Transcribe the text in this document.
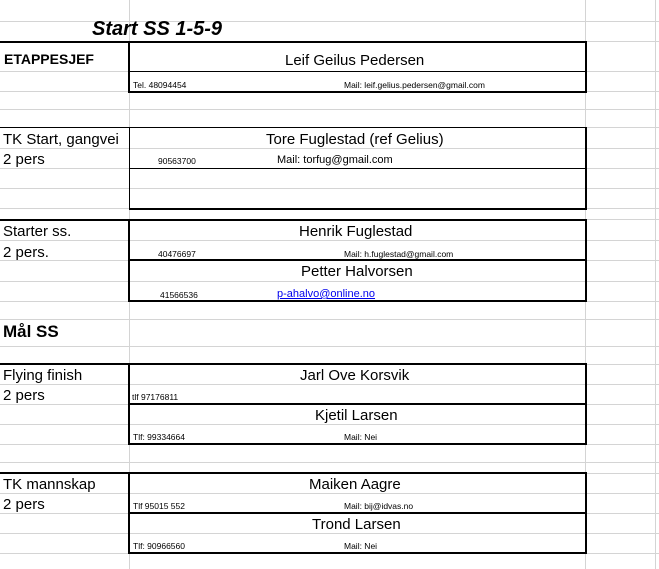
Start SS 1-5-9
ETAPPESJEF	Leif Geilus Pedersen
Tel. 48094454	Mail: leif.gelius.pedersen@gmail.com
TK Start, gangvei
2 pers
Tore Fuglestad (ref Gelius)
90563700	Mail: torfug@gmail.com
Starter ss.
2 pers.
Henrik Fuglestad
40476697	Mail: h.fuglestad@gmail.com
Petter Halvorsen
41566536	p-ahalvo@online.no
Mål SS
Flying finish
2 pers
Jarl Ove Korsvik
tlf 97176811
Kjetil Larsen
Tlf: 99334664	Mail: Nei
TK mannskap
2 pers
Maiken Aagre
Tlf 95015 552	Mail: bij@idvas.no
Trond Larsen
Tlf: 90966560	Mail: Nei
